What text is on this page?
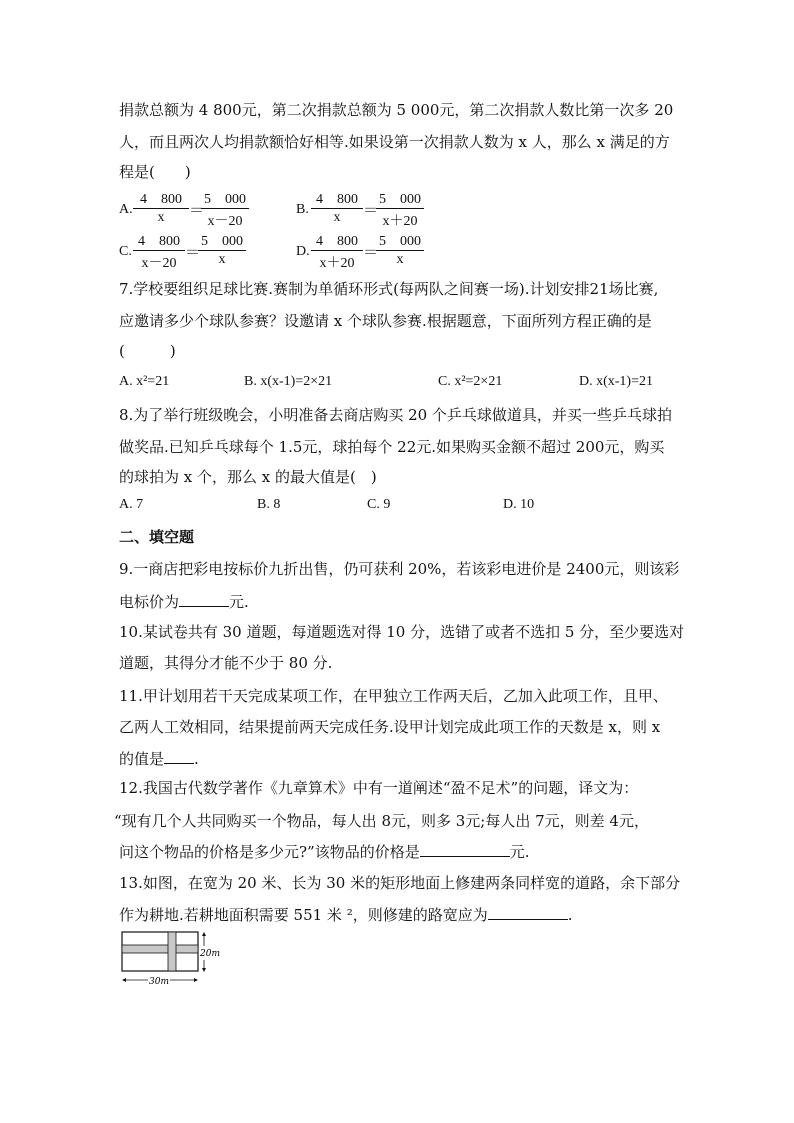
捐款总额为 4 800元，第二次捐款总额为 5 000元，第二次捐款人数比第一次多 20
人，而且两次人均捐款额恰好相等.如果设第一次捐款人数为 x 人，那么 x 满足的方
程是(　　)
A.
4　800
x	＝
5　000
x－20
B.
4　800
x	＝
5　000
x＋20
C.
4　800
x－20
＝
5　000
x
D.
4　800
x＋20
＝
5　000
x
7.学校要组织足球比赛.赛制为单循环形式(每两队之间赛一场).计划安排21场比赛,
应邀请多少个球队参赛？设邀请 x 个球队参赛.根据题意，下面所列方程正确的是
(　　　)
A. x²=21	B. x(x-1)=2×21	C. x²=2×21	D. x(x-1)=21
8.为了举行班级晚会，小明准备去商店购买 20 个乒乓球做道具，并买一些乒乓球拍
做奖品.已知乒乓球每个 1.5元，球拍每个 22元.如果购买金额不超过 200元，购买
的球拍为 x 个，那么 x 的最大值是(　)
A. 7	B. 8	C. 9	D. 10
二、填空题
9.一商店把彩电按标价九折出售，仍可获利 20%，若该彩电进价是 2400元，则该彩
电标价为	元.
10.某试卷共有 30 道题，每道题选对得 10 分，选错了或者不选扣 5 分，至少要选对
道题，其得分才能不少于 80 分.
11.甲计划用若干天完成某项工作，在甲独立工作两天后，乙加入此项工作，且甲、
乙两人工效相同，结果提前两天完成任务.设甲计划完成此项工作的天数是 x，则 x
的值是 .
12.我国古代数学著作《九章算术》中有一道阐述“盈不足术”的问题，译文为：
“现有几个人共同购买一个物品，每人出 8元，则多 3元;每人出 7元，则差 4元，
问这个物品的价格是多少元?”该物品的价格是	元.
13.如图，在宽为 20 米、长为 30 米的矩形地面上修建两条同样宽的道路，余下部分
作为耕地.若耕地面积需要 551 米 ²，则修建的路宽应为	.
20m
30m
